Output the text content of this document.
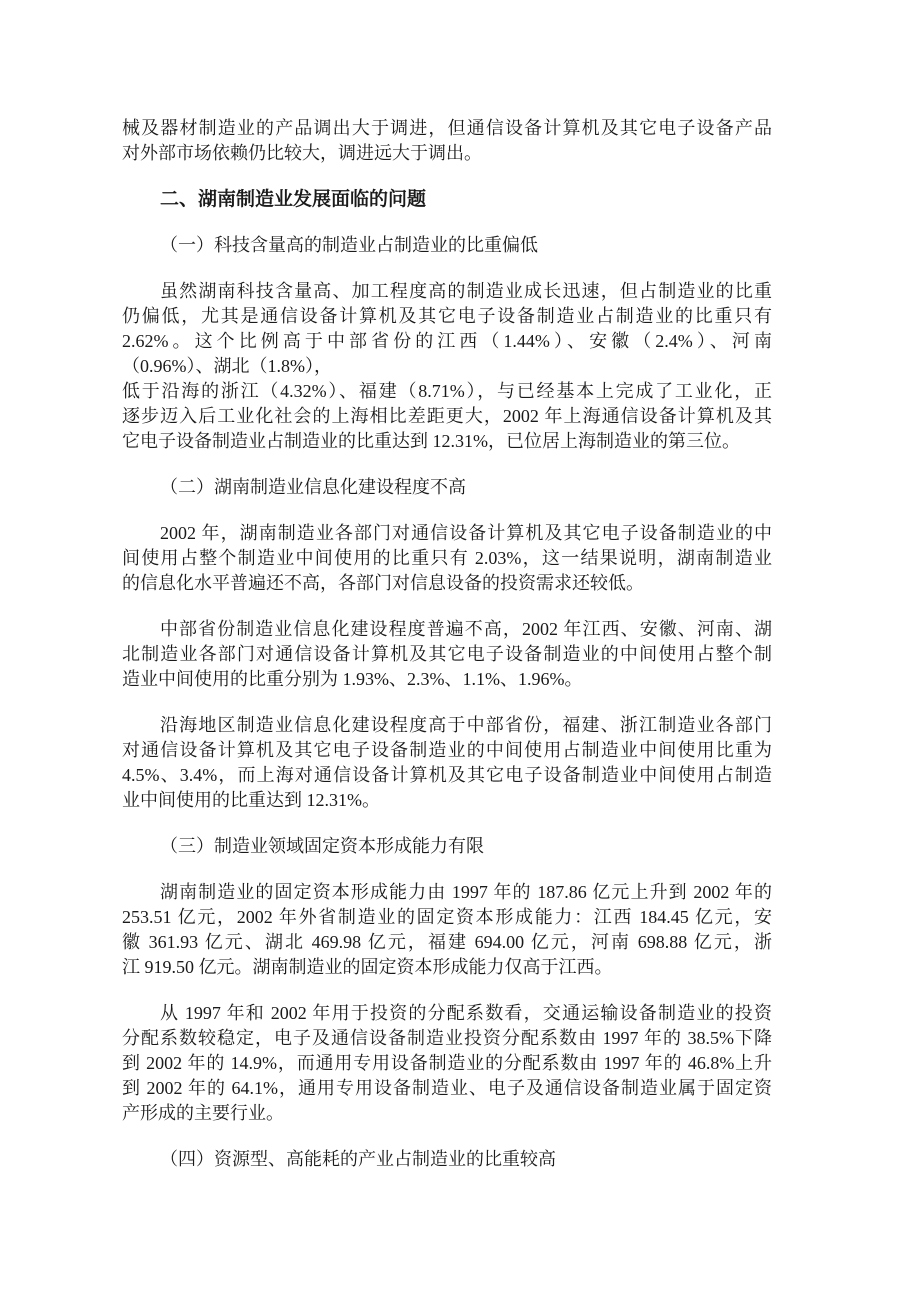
械及器材制造业的产品调出大于调进，但通信设备计算机及其它电子设备产品
对外部市场依赖仍比较大，调进远大于调出。
二、湖南制造业发展面临的问题
（一）科技含量高的制造业占制造业的比重偏低
虽然湖南科技含量高、加工程度高的制造业成长迅速，但占制造业的比重
仍偏低，尤其是通信设备计算机及其它电子设备制造业占制造业的比重只有
2.62%。这个比例高于中部省份的江西（1.44%）、安徽（2.4%）、河南
（0.96%）、湖北（1.8%），
低于沿海的浙江（4.32%）、福建（8.71%），与已经基本上完成了工业化，正
逐步迈入后工业化社会的上海相比差距更大，2002 年上海通信设备计算机及其
它电子设备制造业占制造业的比重达到 12.31%，已位居上海制造业的第三位。
（二）湖南制造业信息化建设程度不高
2002 年，湖南制造业各部门对通信设备计算机及其它电子设备制造业的中
间使用占整个制造业中间使用的比重只有 2.03%，这一结果说明，湖南制造业
的信息化水平普遍还不高，各部门对信息设备的投资需求还较低。
中部省份制造业信息化建设程度普遍不高，2002 年江西、安徽、河南、湖
北制造业各部门对通信设备计算机及其它电子设备制造业的中间使用占整个制
造业中间使用的比重分别为 1.93%、2.3%、1.1%、1.96%。
沿海地区制造业信息化建设程度高于中部省份，福建、浙江制造业各部门
对通信设备计算机及其它电子设备制造业的中间使用占制造业中间使用比重为
4.5%、3.4%，而上海对通信设备计算机及其它电子设备制造业中间使用占制造
业中间使用的比重达到 12.31%。
（三）制造业领域固定资本形成能力有限
湖南制造业的固定资本形成能力由 1997 年的 187.86 亿元上升到 2002 年的
253.51 亿元，2002 年外省制造业的固定资本形成能力：江西 184.45 亿元，安
徽 361.93 亿元、湖北 469.98 亿元，福建 694.00 亿元，河南 698.88 亿元，浙
江 919.50 亿元。湖南制造业的固定资本形成能力仅高于江西。
从 1997 年和 2002 年用于投资的分配系数看，交通运输设备制造业的投资
分配系数较稳定，电子及通信设备制造业投资分配系数由 1997 年的 38.5%下降
到 2002 年的 14.9%，而通用专用设备制造业的分配系数由 1997 年的 46.8%上升
到 2002 年的 64.1%，通用专用设备制造业、电子及通信设备制造业属于固定资
产形成的主要行业。
（四）资源型、高能耗的产业占制造业的比重较高
